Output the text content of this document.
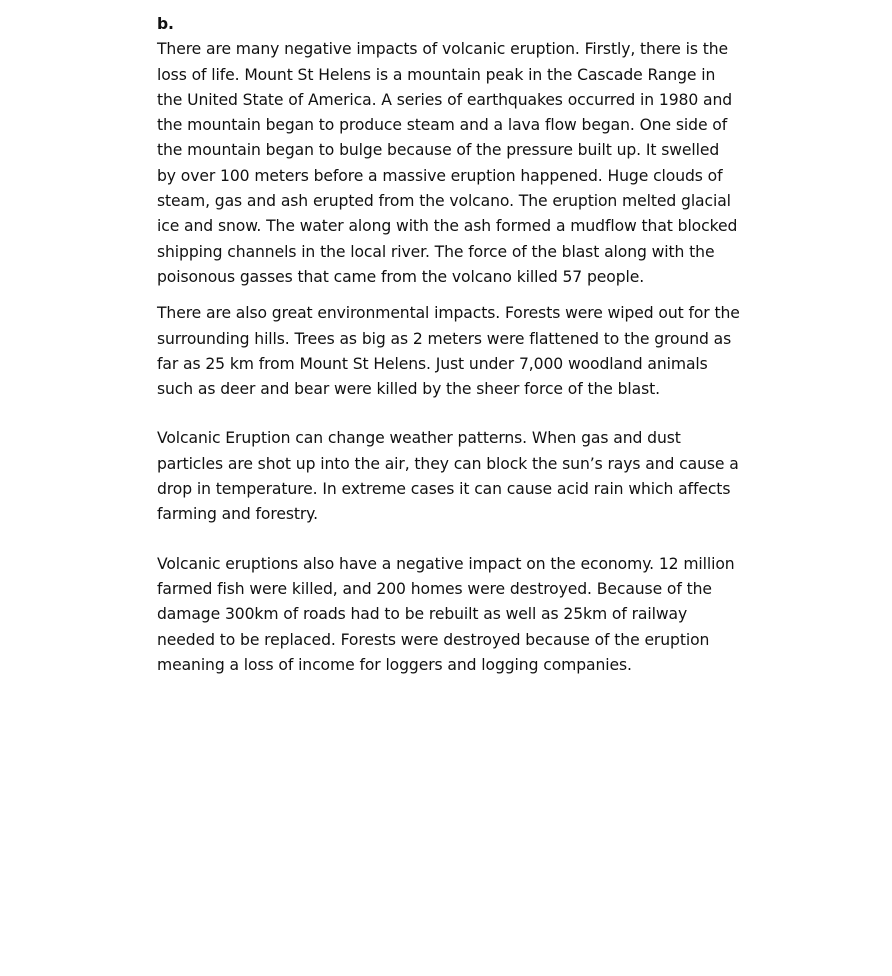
b.

There are many negative impacts of volcanic eruption. Firstly, there is the loss of life. Mount St Helens is a mountain peak in the Cascade Range in the United State of America. A series of earthquakes occurred in 1980 and the mountain began to produce steam and a lava flow began. One side of the mountain began to bulge because of the pressure built up. It swelled by over 100 meters before a massive eruption happened. Huge clouds of steam, gas and ash erupted from the volcano. The eruption melted glacial ice and snow. The water along with the ash formed a mudflow that blocked shipping channels in the local river. The force of the blast along with the poisonous gasses that came from the volcano killed 57 people.

There are also great environmental impacts. Forests were wiped out for the surrounding hills. Trees as big as 2 meters were flattened to the ground as far as 25 km from Mount St Helens. Just under 7,000 woodland animals such as deer and bear were killed by the sheer force of the blast.

Volcanic Eruption can change weather patterns. When gas and dust particles are shot up into the air, they can block the sun’s rays and cause a drop in temperature. In extreme cases it can cause acid rain which affects farming and forestry.

Volcanic eruptions also have a negative impact on the economy. 12 million farmed fish were killed, and 200 homes were destroyed. Because of the damage 300km of roads had to be rebuilt as well as 25km of railway needed to be replaced. Forests were destroyed because of the eruption meaning a loss of income for loggers and logging companies.
